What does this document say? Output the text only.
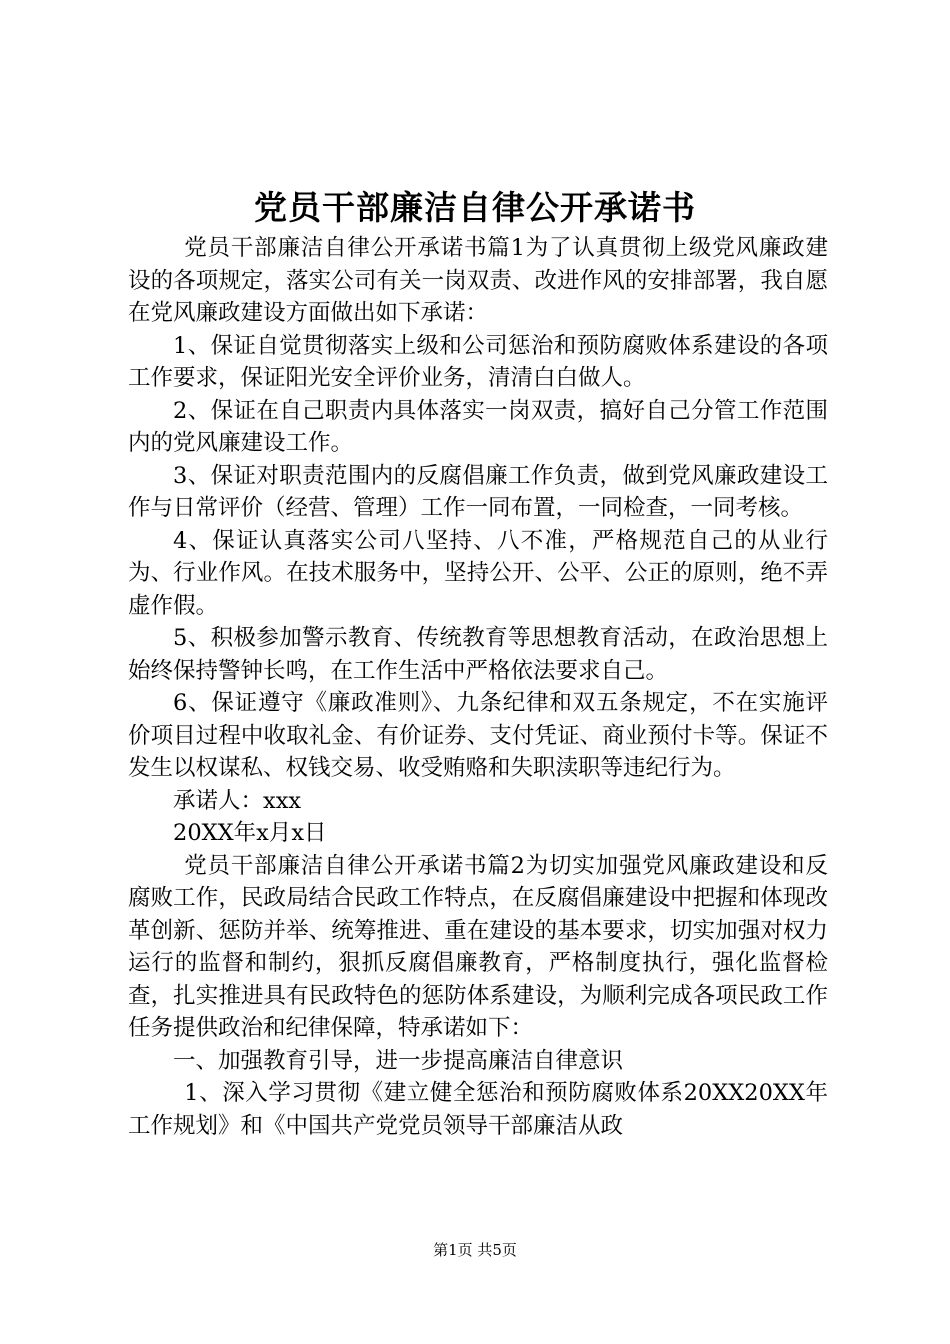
党员干部廉洁自律公开承诺书

党员干部廉洁自律公开承诺书篇1为了认真贯彻上级党风廉政建设的各项规定，落实公司有关一岗双责、改进作风的安排部署，我自愿在党风廉政建设方面做出如下承诺：

1、保证自觉贯彻落实上级和公司惩治和预防腐败体系建设的各项工作要求，保证阳光安全评价业务，清清白白做人。

2、保证在自己职责内具体落实一岗双责，搞好自己分管工作范围内的党风廉建设工作。

3、保证对职责范围内的反腐倡廉工作负责，做到党风廉政建设工作与日常评价（经营、管理）工作一同布置，一同检查，一同考核。

4、保证认真落实公司八坚持、八不准，严格规范自己的从业行为、行业作风。在技术服务中，坚持公开、公平、公正的原则，绝不弄虚作假。

5、积极参加警示教育、传统教育等思想教育活动，在政治思想上始终保持警钟长鸣，在工作生活中严格依法要求自己。

6、保证遵守《廉政准则》、九条纪律和双五条规定，不在实施评价项目过程中收取礼金、有价证券、支付凭证、商业预付卡等。保证不发生以权谋私、权钱交易、收受贿赂和失职渎职等违纪行为。

承诺人：xxx

20XX年x月x日

党员干部廉洁自律公开承诺书篇2为切实加强党风廉政建设和反腐败工作，民政局结合民政工作特点，在反腐倡廉建设中把握和体现改革创新、惩防并举、统筹推进、重在建设的基本要求，切实加强对权力运行的监督和制约，狠抓反腐倡廉教育，严格制度执行，强化监督检查，扎实推进具有民政特色的惩防体系建设，为顺利完成各项民政工作任务提供政治和纪律保障，特承诺如下：

一、加强教育引导，进一步提高廉洁自律意识

1、深入学习贯彻《建立健全惩治和预防腐败体系20XX20XX年工作规划》和《中国共产党党员领导干部廉洁从政

第1页 共5页
